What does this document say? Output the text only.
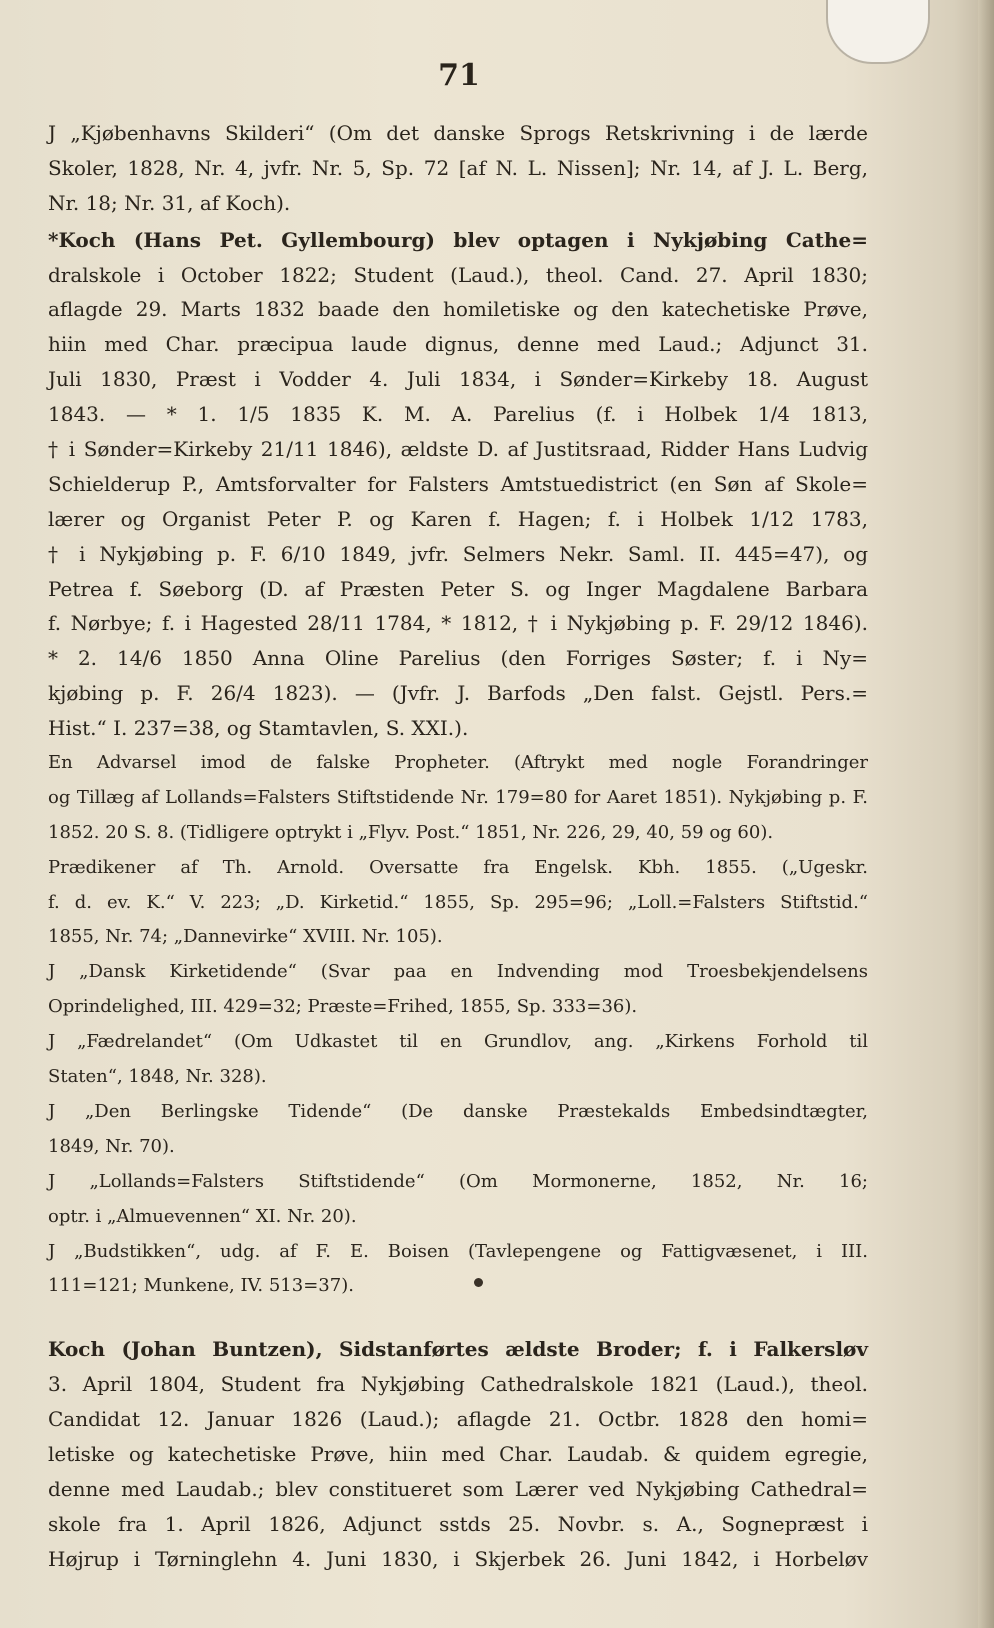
71
J „Kjøbenhavns Skilderi“ (Om det danske Sprogs Retskrivning i de lærde
Skoler, 1828, Nr. 4, jvfr. Nr. 5, Sp. 72 [af N. L. Nissen]; Nr. 14, af J. L. Berg,
Nr. 18; Nr. 31, af Koch).
*Koch (Hans Pet. Gyllembourg) blev optagen i Nykjøbing Cathe=
dralskole i October 1822; Student (Laud.), theol. Cand. 27. April 1830;
aflagde 29. Marts 1832 baade den homiletiske og den katechetiske Prøve,
hiin med Char. præcipua laude dignus, denne med Laud.; Adjunct 31.
Juli 1830, Præst i Vodder 4. Juli 1834, i Sønder=Kirkeby 18. August
1843. — * 1. 1/5 1835 K. M. A. Parelius (f. i Holbek 1/4 1813,
† i Sønder=Kirkeby 21/11 1846), ældste D. af Justitsraad, Ridder Hans Ludvig
Schielderup P., Amtsforvalter for Falsters Amtstuedistrict (en Søn af Skole=
lærer og Organist Peter P. og Karen f. Hagen; f. i Holbek 1/12 1783,
† i Nykjøbing p. F. 6/10 1849, jvfr. Selmers Nekr. Saml. II. 445=47), og
Petrea f. Søeborg (D. af Præsten Peter S. og Inger Magdalene Barbara
f. Nørbye; f. i Hagested 28/11 1784, * 1812, † i Nykjøbing p. F. 29/12 1846).
* 2. 14/6 1850 Anna Oline Parelius (den Forriges Søster; f. i Ny=
kjøbing p. F. 26/4 1823). — (Jvfr. J. Barfods „Den falst. Gejstl. Pers.=
Hist.“ I. 237=38, og Stamtavlen, S. XXI.).
En Advarsel imod de falske Propheter. (Aftrykt med nogle Forandringer
og Tillæg af Lollands=Falsters Stiftstidende Nr. 179=80 for Aaret 1851). Nykjøbing p. F.
1852. 20 S. 8. (Tidligere optrykt i „Flyv. Post.“ 1851, Nr. 226, 29, 40, 59 og 60).
Prædikener af Th. Arnold. Oversatte fra Engelsk. Kbh. 1855. („Ugeskr.
f. d. ev. K.“ V. 223; „D. Kirketid.“ 1855, Sp. 295=96; „Loll.=Falsters Stiftstid.“
1855, Nr. 74; „Dannevirke“ XVIII. Nr. 105).
J „Dansk Kirketidende“ (Svar paa en Indvending mod Troesbekjendelsens
Oprindelighed, III. 429=32; Præste=Frihed, 1855, Sp. 333=36).
J „Fædrelandet“ (Om Udkastet til en Grundlov, ang. „Kirkens Forhold til
Staten“, 1848, Nr. 328).
J „Den Berlingske Tidende“ (De danske Præstekalds Embedsindtægter,
1849, Nr. 70).
J „Lollands=Falsters Stiftstidende“ (Om Mormonerne, 1852, Nr. 16;
optr. i „Almuevennen“ XI. Nr. 20).
J „Budstikken“, udg. af F. E. Boisen (Tavlepengene og Fattigvæsenet, i III.
111=121; Munkene, IV. 513=37).
Koch (Johan Buntzen), Sidstanførtes ældste Broder; f. i Falkersløv
3. April 1804, Student fra Nykjøbing Cathedralskole 1821 (Laud.), theol.
Candidat 12. Januar 1826 (Laud.); aflagde 21. Octbr. 1828 den homi=
letiske og katechetiske Prøve, hiin med Char. Laudab. & quidem egregie,
denne med Laudab.; blev constitueret som Lærer ved Nykjøbing Cathedral=
skole fra 1. April 1826, Adjunct sstds 25. Novbr. s. A., Sognepræst i
Højrup i Tørninglehn 4. Juni 1830, i Skjerbek 26. Juni 1842, i Horbeløv
